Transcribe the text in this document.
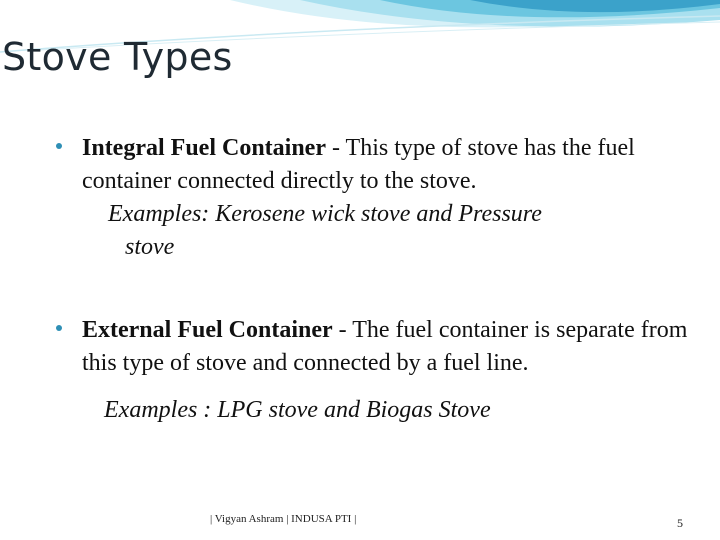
Stove Types
Integral Fuel Container - This type of stove has the fuel container connected directly to the stove.
Examples: Kerosene wick stove and Pressure
stove
External Fuel Container - The fuel container is separate from this type of stove and connected by a fuel line.
Examples : LPG stove and Biogas Stove
| Vigyan Ashram | INDUSA PTI |	5
